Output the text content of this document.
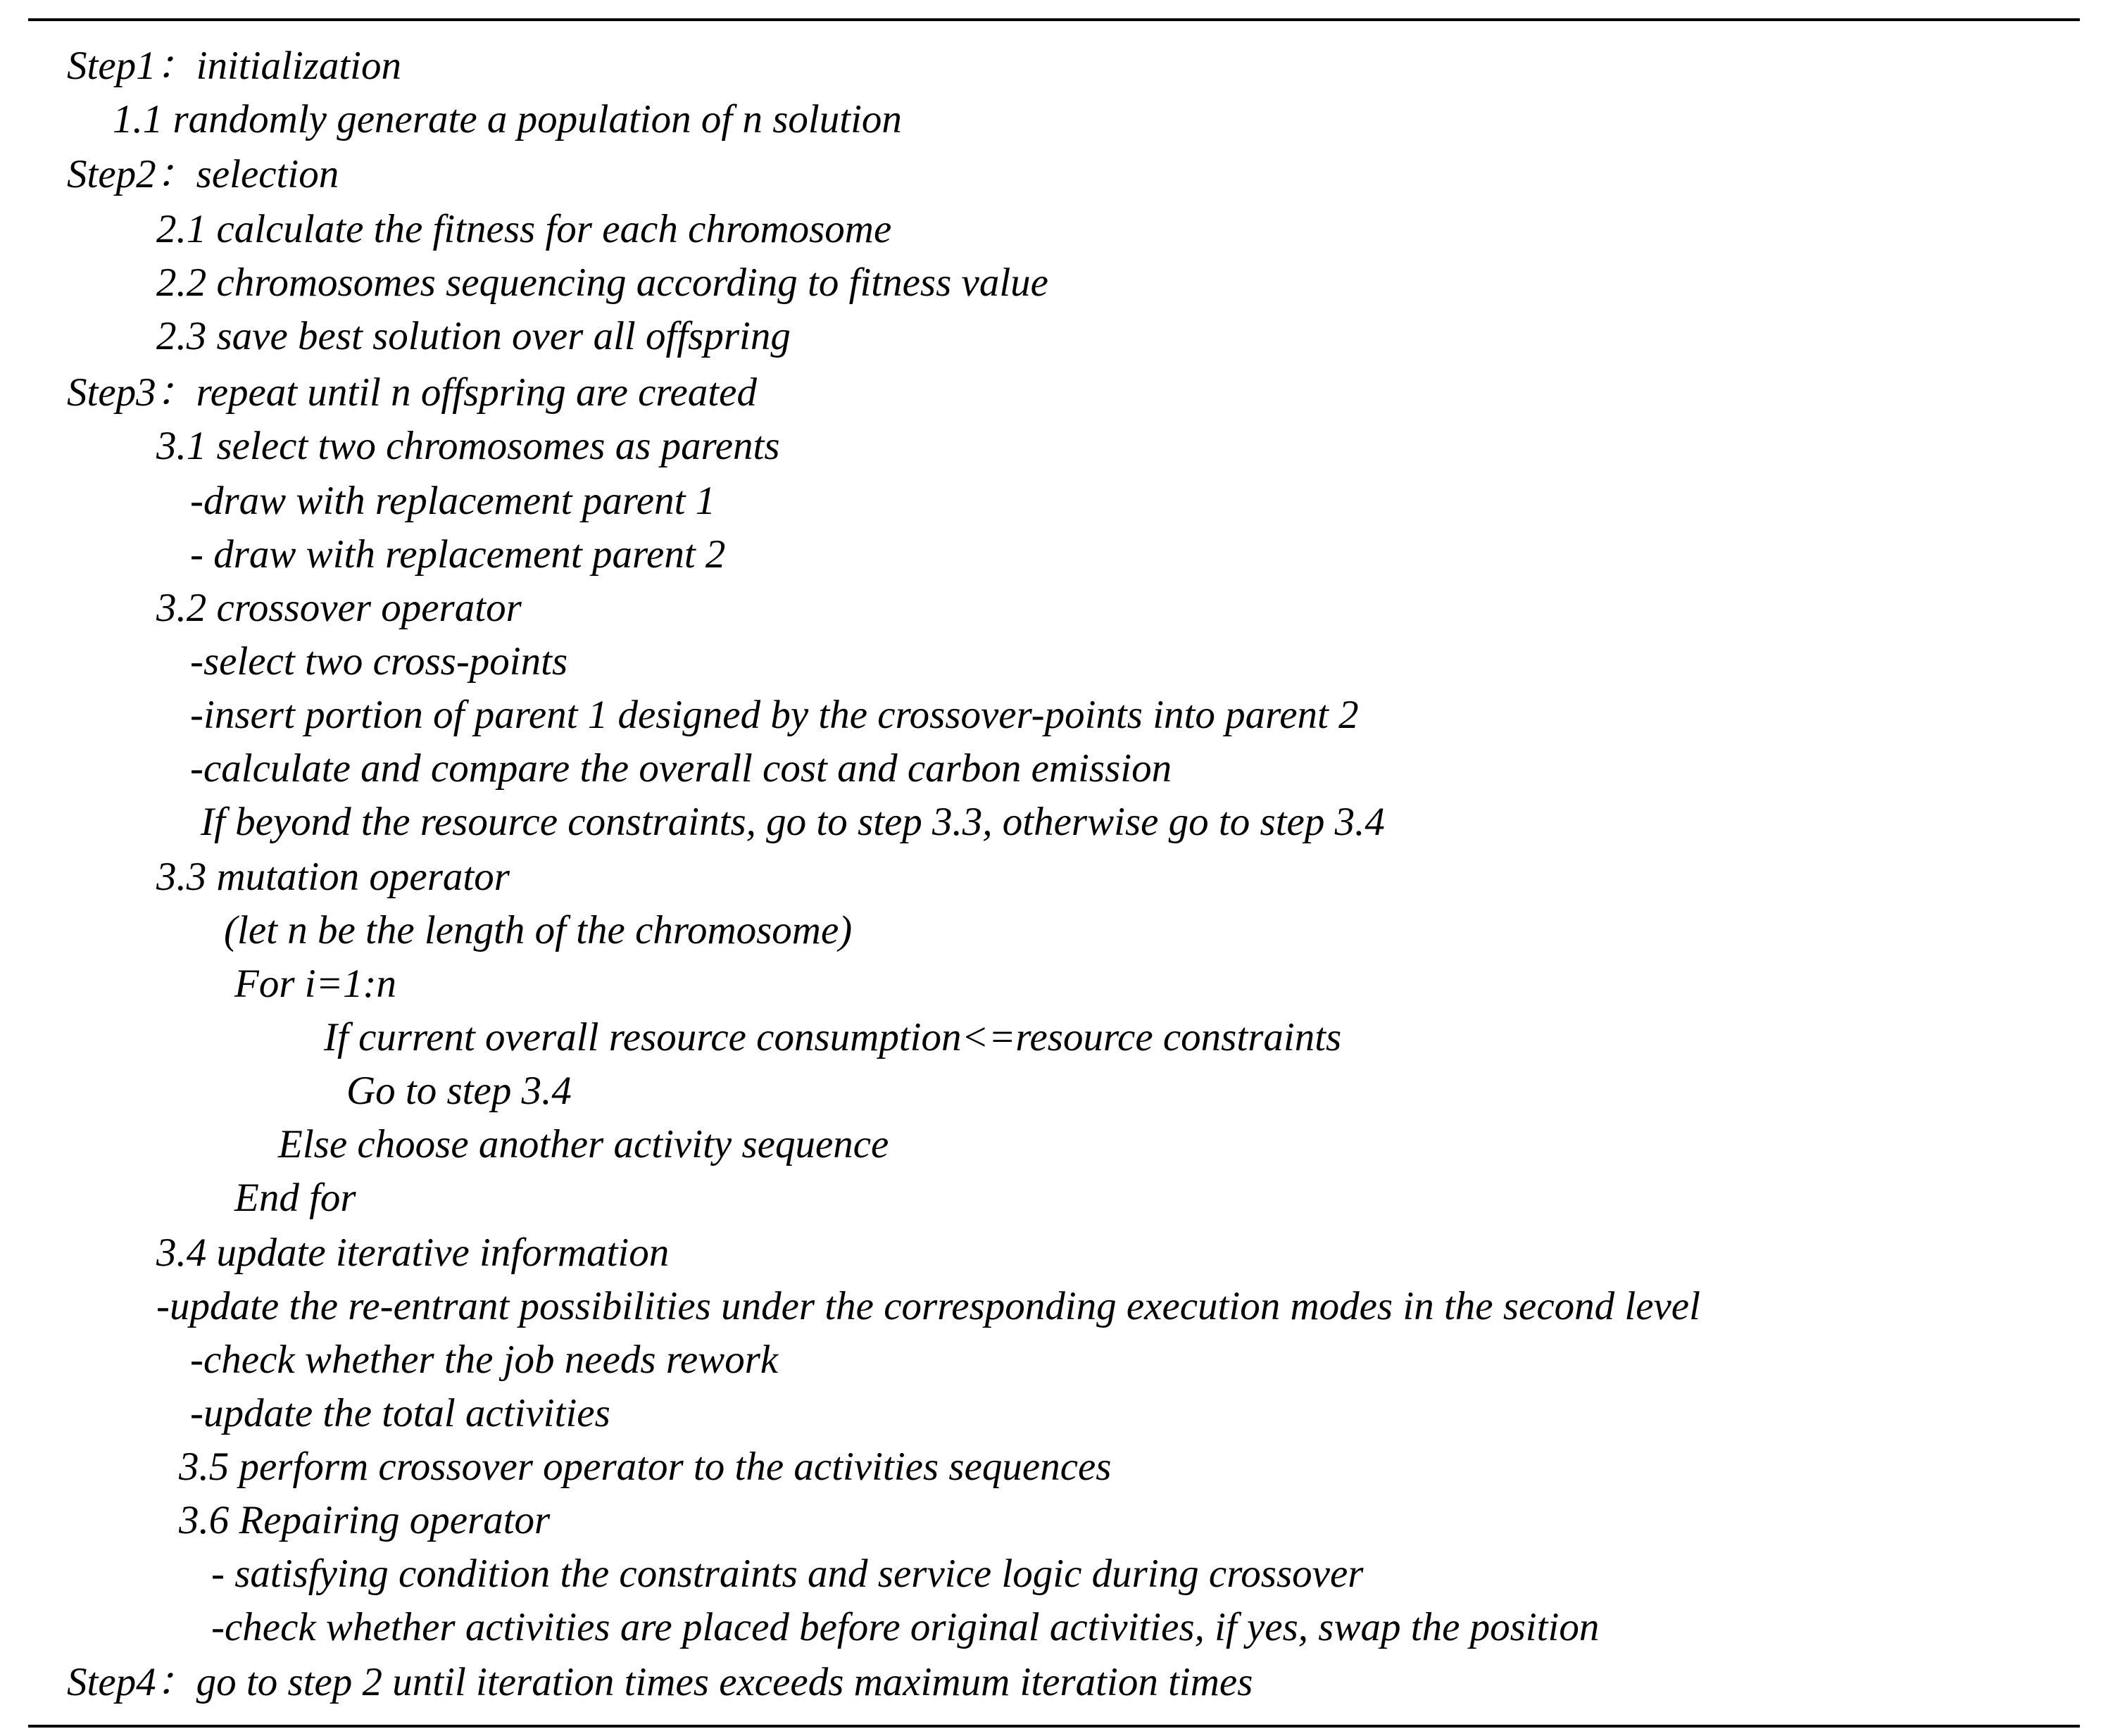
Step1：initialization
1.1 randomly generate a population of n solution
Step2：selection
2.1 calculate the fitness for each chromosome
2.2 chromosomes sequencing according to fitness value
2.3 save best solution over all offspring
Step3：repeat until n offspring are created
3.1 select two chromosomes as parents
-draw with replacement parent 1
- draw with replacement parent 2
3.2 crossover operator
-select two cross-points
-insert portion of parent 1 designed by the crossover-points into parent 2
-calculate and compare the overall cost and carbon emission
If beyond the resource constraints, go to step 3.3, otherwise go to step 3.4
3.3 mutation operator
(let n be the length of the chromosome)
For i=1:n
If current overall resource consumption<=resource constraints
Go to step 3.4
Else choose another activity sequence
End for
3.4 update iterative information
-update the re-entrant possibilities under the corresponding execution modes in the second level
-check whether the job needs rework
-update the total activities
3.5 perform crossover operator to the activities sequences
3.6 Repairing operator
- satisfying condition the constraints and service logic during crossover
-check whether activities are placed before original activities, if yes, swap the position
Step4：go to step 2 until iteration times exceeds maximum iteration times
